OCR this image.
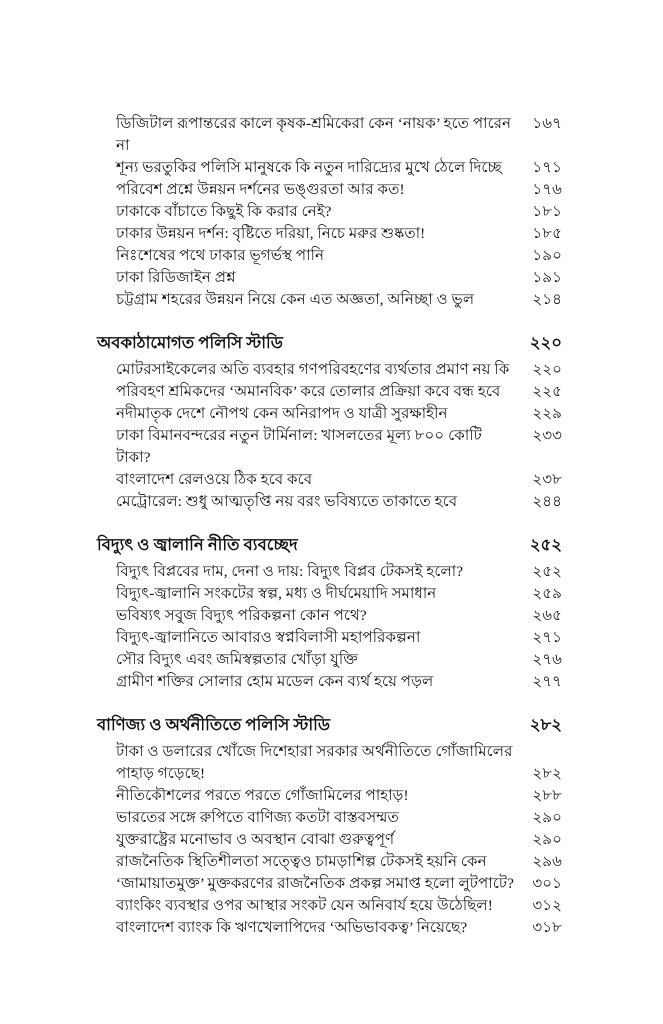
ডিজিটাল রূপান্তরের কালে কৃষক-শ্রমিকেরা কেন ‘নায়ক’ হতে পারেন না
১৬৭
শূন্য ভরতুকির পলিসি মানুষকে কি নতুন দারিদ্র্যের মুখে ঠেলে দিচ্ছে ১৭১
পরিবেশ প্রশ্নে উন্নয়ন দর্শনের ভঙ্গুরতা আর কত!	১৭৬
ঢাকাকে বাঁচাতে কিছুই কি করার নেই?	১৮১
ঢাকার উন্নয়ন দর্শন: বৃষ্টিতে দরিয়া, নিচে মরুর শুষ্কতা!	১৮৫
নিঃশেষের পথে ঢাকার ভূগর্ভস্থ পানি	১৯০
ঢাকা রিডিজাইন প্রশ্ন	১৯১
চট্টগ্রাম শহরের উন্নয়ন নিয়ে কেন এত অজ্ঞতা, অনিচ্ছা ও ভুল	২১৪
অবকাঠামোগত পলিসি স্টাডি	২২০
মোটরসাইকেলের অতি ব্যবহার গণপরিবহণের ব্যর্থতার প্রমাণ নয় কি ২২০
পরিবহণ শ্রমিকদের ‘অমানবিক’ করে তোলার প্রক্রিয়া কবে বন্ধ হবে ২২৫
নদীমাতৃক দেশে নৌপথ কেন অনিরাপদ ও যাত্রী সুরক্ষাহীন	২২৯
ঢাকা বিমানবন্দরের নতুন টার্মিনাল: খাসলতের মূল্য ৮০০ কোটি টাকা?
২৩৩
বাংলাদেশ রেলওয়ে ঠিক হবে কবে	২৩৮
মেট্রোরেল: শুধু আত্মতৃপ্তি নয় বরং ভবিষ্যতে তাকাতে হবে	২৪৪
বিদ্যুৎ ও জ্বালানি নীতি ব্যবচ্ছেদ	২৫২
বিদ্যুৎ বিপ্লবের দাম, দেনা ও দায়: বিদ্যুৎ বিপ্লব টেকসই হলো?	২৫২
বিদ্যুৎ-জ্বালানি সংকটের স্বল্প, মধ্য ও দীর্ঘমেয়াদি সমাধান	২৫৯
ভবিষ্যৎ সবুজ বিদ্যুৎ পরিকল্পনা কোন পথে?	২৬৫
বিদ্যুৎ-জ্বালানিতে আবারও স্বপ্নবিলাসী মহাপরিকল্পনা	২৭১
সৌর বিদ্যুৎ এবং জমিস্বল্পতার খোঁড়া যুক্তি	২৭৬
গ্রামীণ শক্তির সোলার হোম মডেল কেন ব্যর্থ হয়ে পড়ল	২৭৭
বাণিজ্য ও অর্থনীতিতে পলিসি স্টাডি	২৮২
টাকা ও ডলারের খোঁজে দিশেহারা সরকার অর্থনীতিতে গোঁজামিলের
পাহাড় গড়েছে!	২৮২
নীতিকৌশলের পরতে পরতে গোঁজামিলের পাহাড়!	২৮৮
ভারতের সঙ্গে রুপিতে বাণিজ্য কতটা বাস্তবসম্মত	২৯০
যুক্তরাষ্ট্রের মনোভাব ও অবস্থান বোঝা গুরুত্বপূর্ণ	২৯০
রাজনৈতিক স্থিতিশীলতা সত্ত্বেও চামড়াশিল্প টেকসই হয়নি কেন	২৯৬
‘জামায়াতমুক্ত’ মুক্তকরণের রাজনৈতিক প্রকল্প সমাপ্ত হলো লুটপাটে? ৩০১
ব্যাংকিং ব্যবস্থার ওপর আস্থার সংকট যেন অনিবার্য হয়ে উঠেছিল!	৩১২
বাংলাদেশ ব্যাংক কি ঋণখেলাপিদের ‘অভিভাবকত্ব’ নিয়েছে?	৩১৮
